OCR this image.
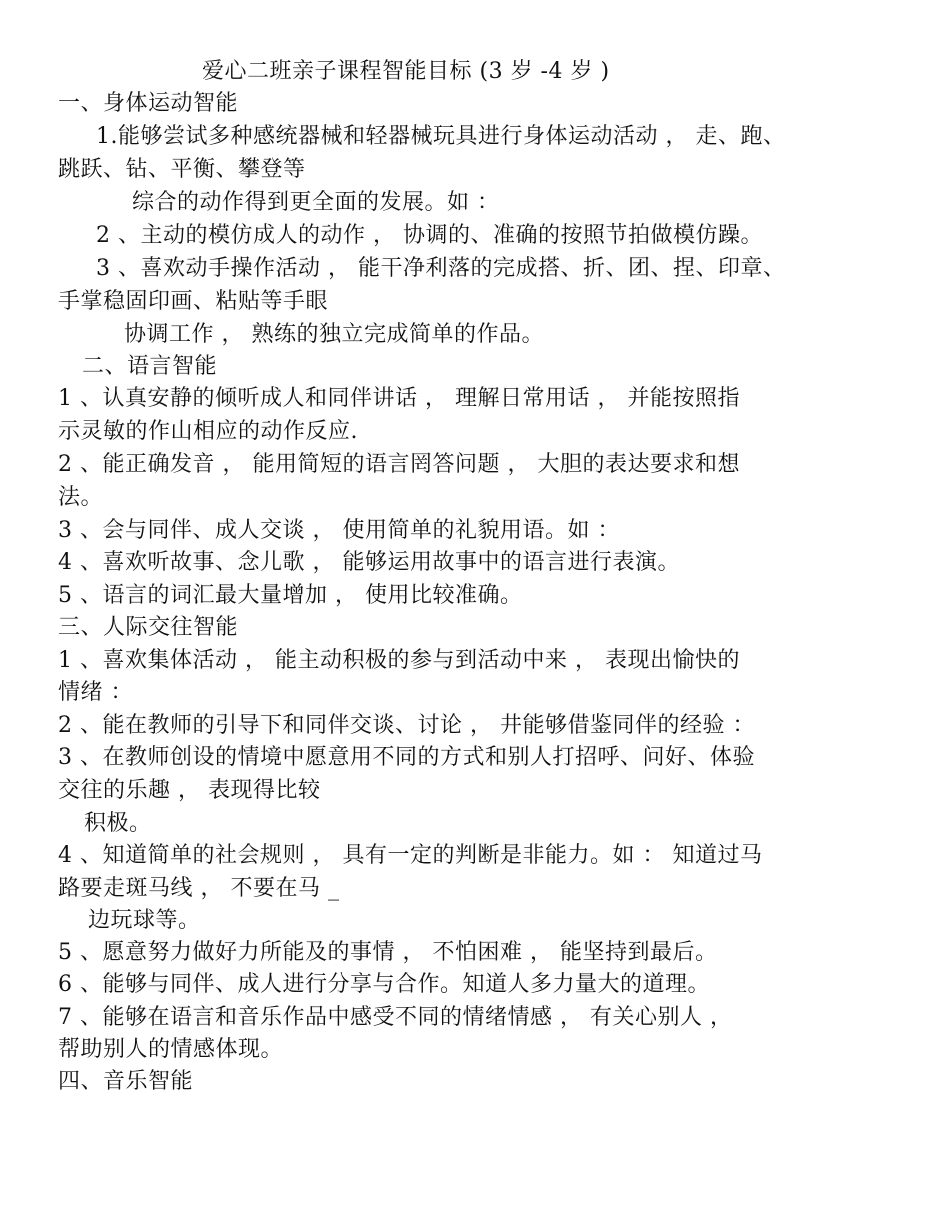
爱心二班亲子课程智能目标 (3 岁 -4 岁 )
一、身体运动智能
1.能够尝试多种感统器械和轻器械玩具进行身体运动活动 ， 走、跑、
跳跃、钻、平衡、攀登等
综合的动作得到更全面的发展。如 ：
2 、主动的模仿成人的动作 ， 协调的、准确的按照节拍做模仿躁。
3 、喜欢动手操作活动 ， 能干净利落的完成搭、折、团、捏、印章、
手掌稳固印画、粘贴等手眼
协调工作 ， 熟练的独立完成简单的作品。
二、语言智能
1 、认真安静的倾听成人和同伴讲话 ， 理解日常用话 ， 并能按照指
示灵敏的作山相应的动作反应.
2 、能正确发音 ， 能用简短的语言罔答问题 ， 大胆的表达要求和想
法。
3 、会与同伴、成人交谈 ， 使用简单的礼貌用语。如 ：
4 、喜欢听故事、念儿歌 ， 能够运用故事中的语言进行表演。
5 、语言的词汇最大量增加 ， 使用比较准确。
三、人际交往智能
1 、喜欢集体活动 ， 能主动积极的参与到活动中来 ， 表现出愉快的
情绪 ：
2 、能在教师的引导下和同伴交谈、讨论 ， 井能够借鉴同伴的经验 ：
3 、在教师创设的情境中愿意用不同的方式和别人打招呼、问好、体验
交往的乐趣 ， 表现得比较
积极。
4 、知道简单的社会规则 ， 具有一定的判断是非能力。如 ： 知道过马
路要走斑马线 ， 不要在马 _
边玩球等。
5 、愿意努力做好力所能及的事情 ， 不怕困难 ， 能坚持到最后。
6 、能够与同伴、成人进行分享与合作。知道人多力量大的道理。
7 、能够在语言和音乐作品中感受不同的情绪情感 ， 有关心别人 ，
帮助别人的情感体现。
四、音乐智能
